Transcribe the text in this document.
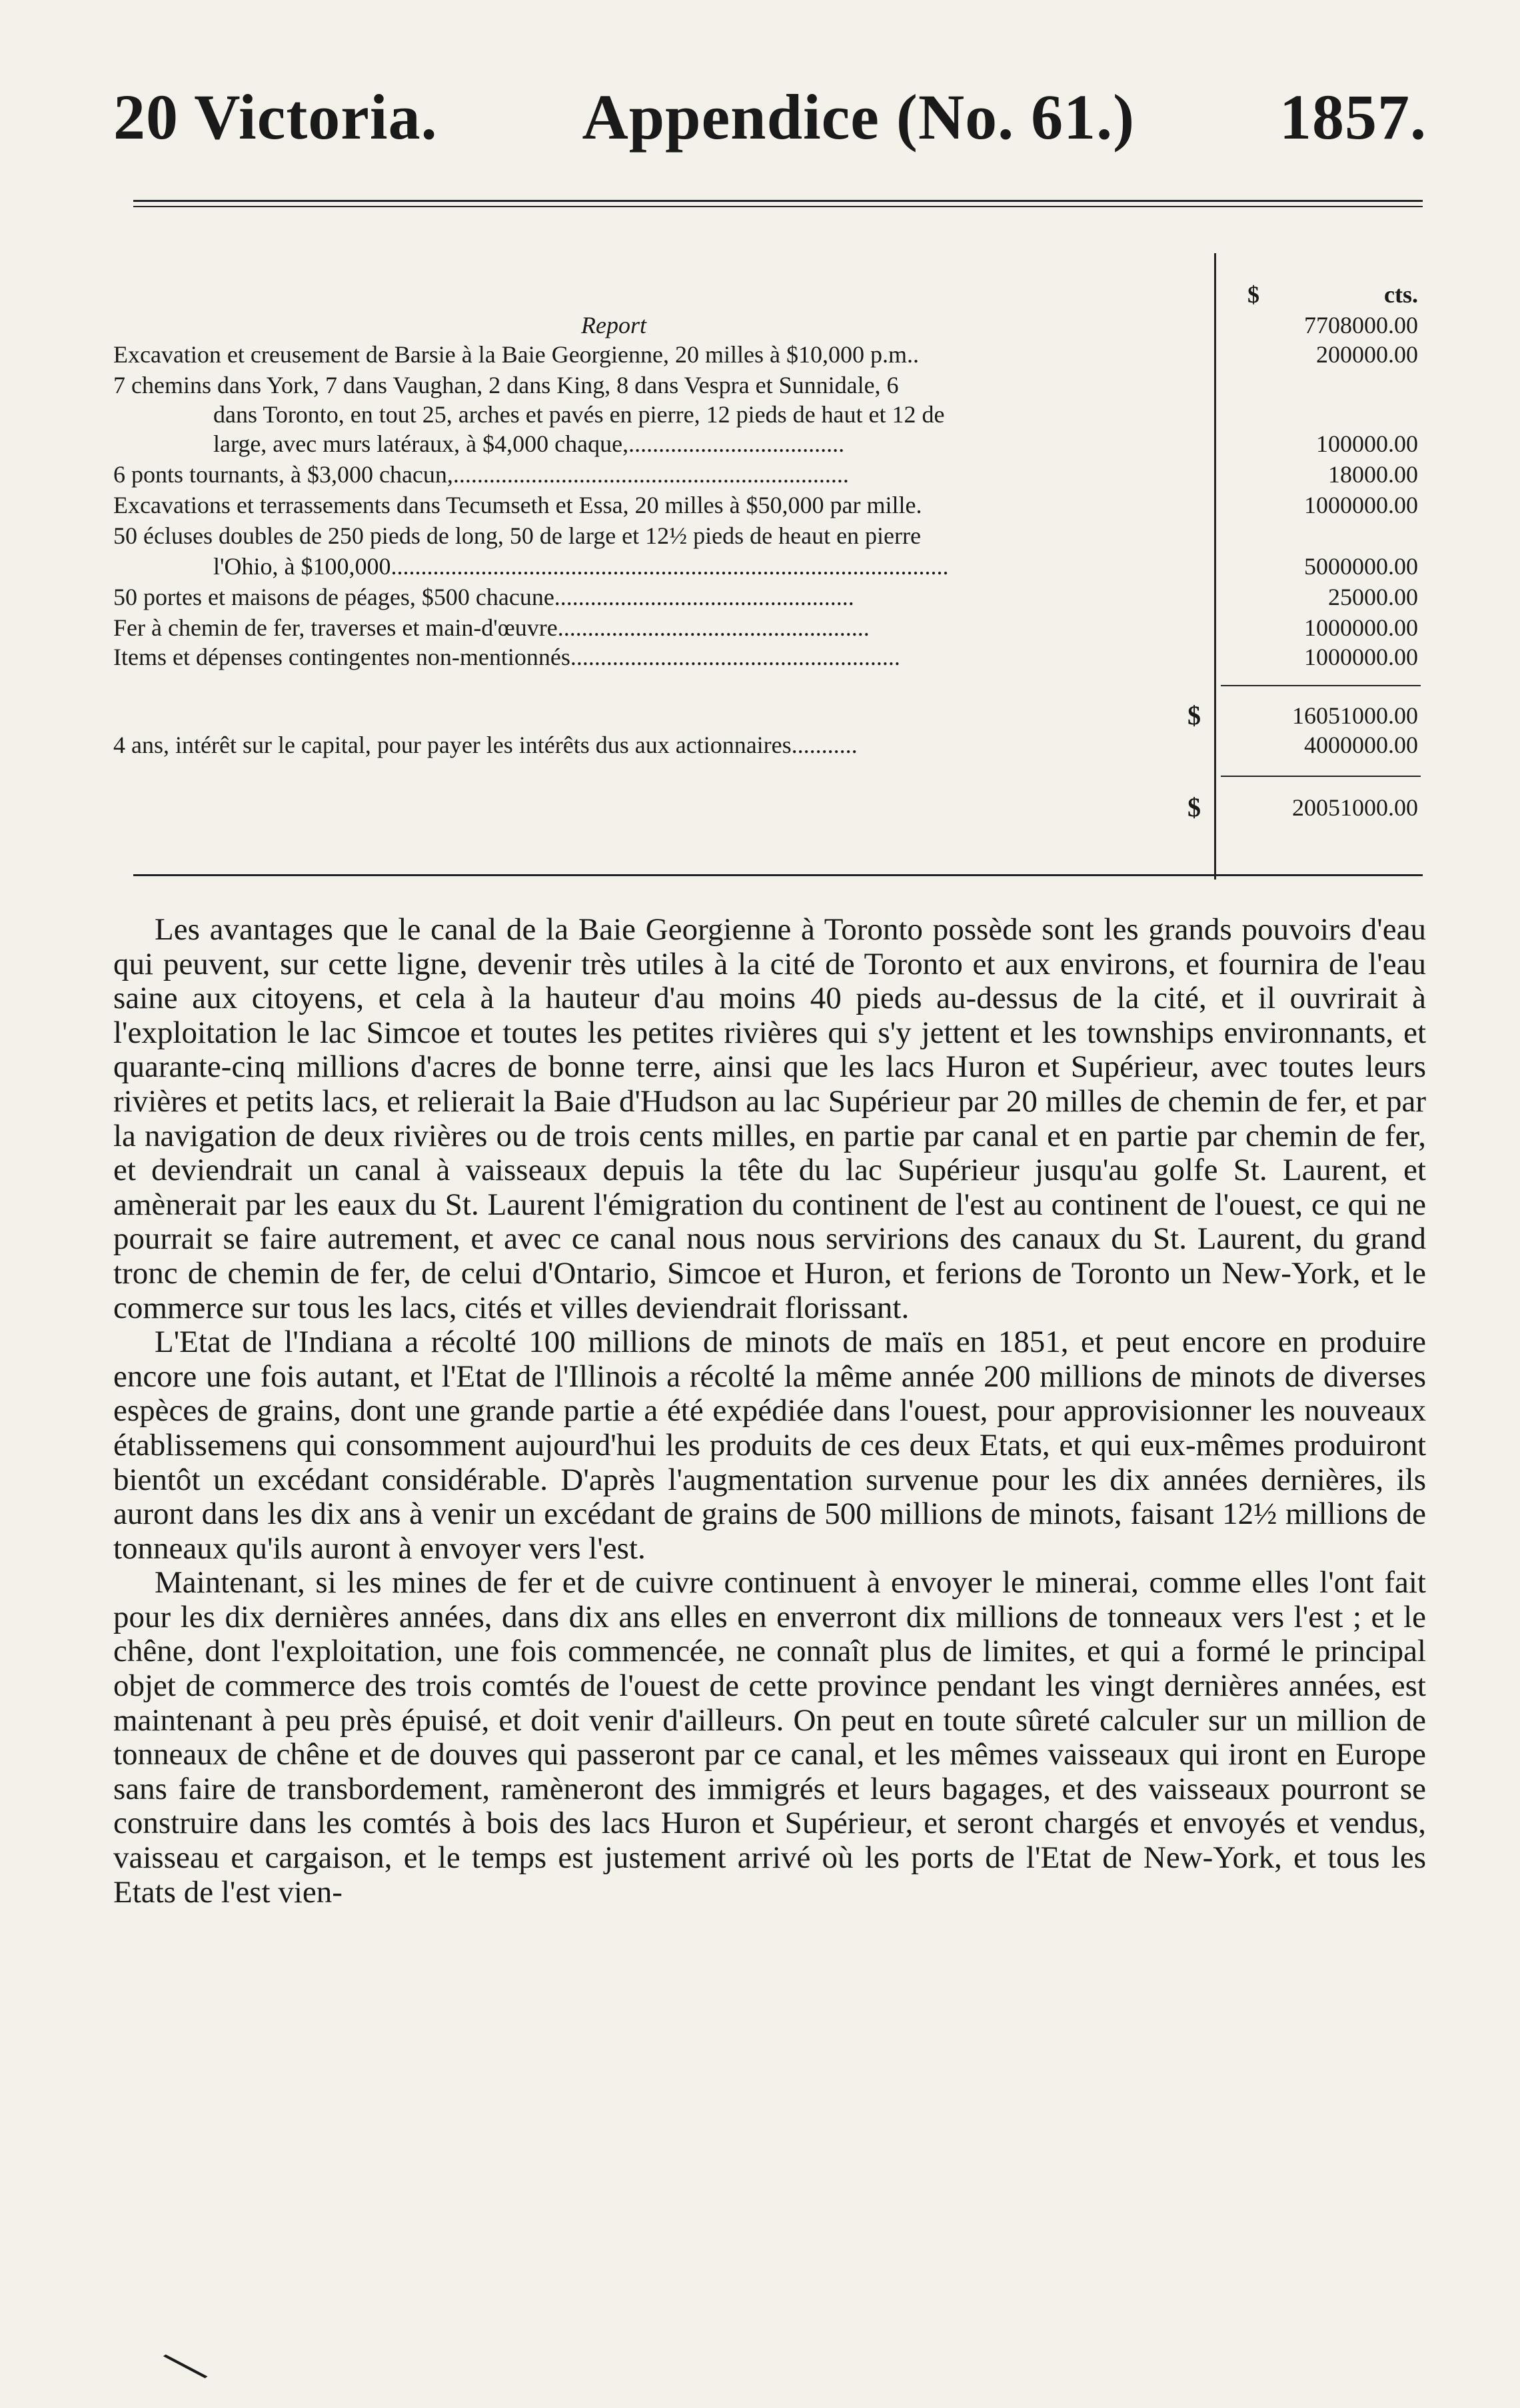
20 Victoria. Appendice (No. 61.) 1857.
$	cts.
Report	7708000.00
Excavation et creusement de Barsie à la Baie Georgienne, 20 milles à $10,000 p.m..	200000.00
7 chemins dans York, 7 dans Vaughan, 2 dans King, 8 dans Vespra et Sunnidale, 6
dans Toronto, en tout 25, arches et pavés en pierre, 12 pieds de haut et 12 de
large, avec murs latéraux, à $4,000 chaque,....................................	100000.00
6 ponts tournants, à $3,000 chacun,..................................................................	18000.00
Excavations et terrassements dans Tecumseth et Essa, 20 milles à $50,000 par mille.	1000000.00
50 écluses doubles de 250 pieds de long, 50 de large et 12½ pieds de heaut en pierre
l'Ohio, à $100,000.............................................................................................	5000000.00
50 portes et maisons de péages, $500 chacune..................................................	25000.00
Fer à chemin de fer, traverses et main-d'œuvre....................................................	1000000.00
Items et dépenses contingentes non-mentionnés.......................................................	1000000.00
$	16051000.00
4 ans, intérêt sur le capital, pour payer les intérêts dus aux actionnaires...........	4000000.00
$	20051000.00

Les avantages que le canal de la Baie Georgienne à Toronto possède sont les grands pouvoirs d'eau qui peuvent, sur cette ligne, devenir très utiles à la cité de Toronto et aux environs, et fournira de l'eau saine aux citoyens, et cela à la hauteur d'au moins 40 pieds au-dessus de la cité, et il ouvrirait à l'exploitation le lac Simcoe et toutes les petites rivières qui s'y jettent et les townships environnants, et quarante-cinq millions d'acres de bonne terre, ainsi que les lacs Huron et Supérieur, avec toutes leurs rivières et petits lacs, et relierait la Baie d'Hudson au lac Supérieur par 20 milles de chemin de fer, et par la navigation de deux rivières ou de trois cents milles, en partie par canal et en partie par chemin de fer, et deviendrait un canal à vaisseaux depuis la tête du lac Supérieur jusqu'au golfe St. Laurent, et amènerait par les eaux du St. Laurent l'émigration du continent de l'est au continent de l'ouest, ce qui ne pourrait se faire autrement, et avec ce canal nous nous servirions des canaux du St. Laurent, du grand tronc de chemin de fer, de celui d'Ontario, Simcoe et Huron, et ferions de Toronto un New-York, et le commerce sur tous les lacs, cités et villes deviendrait florissant.

L'Etat de l'Indiana a récolté 100 millions de minots de maïs en 1851, et peut encore en produire encore une fois autant, et l'Etat de l'Illinois a récolté la même année 200 millions de minots de diverses espèces de grains, dont une grande partie a été expédiée dans l'ouest, pour approvisionner les nouveaux établissemens qui consomment aujourd'hui les produits de ces deux Etats, et qui eux-mêmes produiront bientôt un excédant considérable. D'après l'augmentation survenue pour les dix années dernières, ils auront dans les dix ans à venir un excédant de grains de 500 millions de minots, faisant 12½ millions de tonneaux qu'ils auront à envoyer vers l'est.

Maintenant, si les mines de fer et de cuivre continuent à envoyer le minerai, comme elles l'ont fait pour les dix dernières années, dans dix ans elles en enverront dix millions de tonneaux vers l'est ; et le chêne, dont l'exploitation, une fois commencée, ne connaît plus de limites, et qui a formé le principal objet de commerce des trois comtés de l'ouest de cette province pendant les vingt dernières années, est maintenant à peu près épuisé, et doit venir d'ailleurs. On peut en toute sûreté calculer sur un million de tonneaux de chêne et de douves qui passeront par ce canal, et les mêmes vaisseaux qui iront en Europe sans faire de transbordement, ramèneront des immigrés et leurs bagages, et des vaisseaux pourront se construire dans les comtés à bois des lacs Huron et Supérieur, et seront chargés et envoyés et vendus, vaisseau et cargaison, et le temps est justement arrivé où les ports de l'Etat de New-York, et tous les Etats de l'est vien-

╲
